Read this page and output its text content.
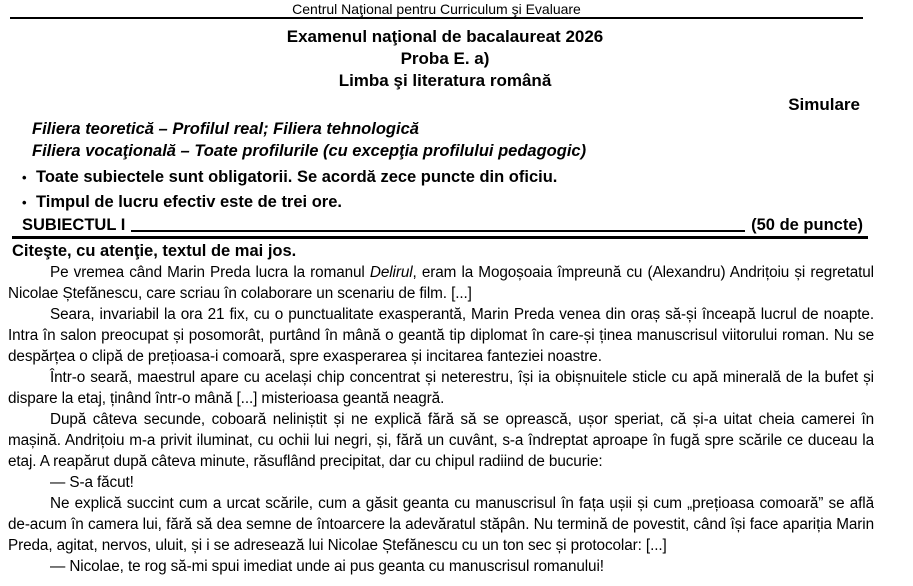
Centrul Naţional pentru Curriculum şi Evaluare
Examenul naţional de bacalaureat 2026
Proba E. a)
Limba şi literatura română
Simulare
Filiera teoretică – Profilul real; Filiera tehnologică
Filiera vocaţională – Toate profilurile (cu excepţia profilului pedagogic)
• Toate subiectele sunt obligatorii. Se acordă zece puncte din oficiu.
• Timpul de lucru efectiv este de trei ore.
SUBIECTUL I	(50 de puncte)
Citeşte, cu atenţie, textul de mai jos.

Pe vremea când Marin Preda lucra la romanul Delirul, eram la Mogoșoaia împreună cu (Alexandru) Andrițoiu și regretatul Nicolae Ștefănescu, care scriau în colaborare un scenariu de film. [...]

Seara, invariabil la ora 21 fix, cu o punctualitate exasperantă, Marin Preda venea din oraș să-și înceapă lucrul de noapte. Intra în salon preocupat și posomorât, purtând în mână o geantă tip diplomat în care-și ținea manuscrisul viitorului roman. Nu se despărțea o clipă de prețioasa-i comoară, spre exasperarea și incitarea fanteziei noastre.

Într-o seară, maestrul apare cu același chip concentrat și neterestru, își ia obișnuitele sticle cu apă minerală de la bufet și dispare la etaj, ținând într-o mână [...] misterioasa geantă neagră.

După câteva secunde, coboară neliniștit și ne explică fără să se oprească, ușor speriat, că și-a uitat cheia camerei în mașină. Andrițoiu m-a privit iluminat, cu ochii lui negri, și, fără un cuvânt, s-a îndreptat aproape în fugă spre scările ce duceau la etaj. A reapărut după câteva minute, răsuflând precipitat, dar cu chipul radiind de bucurie:

— S-a făcut!

Ne explică succint cum a urcat scările, cum a găsit geanta cu manuscrisul în fața ușii și cum „prețioasa comoară” se află de-acum în camera lui, fără să dea semne de întoarcere la adevăratul stăpân. Nu termină de povestit, când își face apariția Marin Preda, agitat, nervos, uluit, și i se adresează lui Nicolae Ștefănescu cu un ton sec și protocolar: [...]

— Nicolae, te rog să-mi spui imediat unde ai pus geanta cu manuscrisul romanului!
